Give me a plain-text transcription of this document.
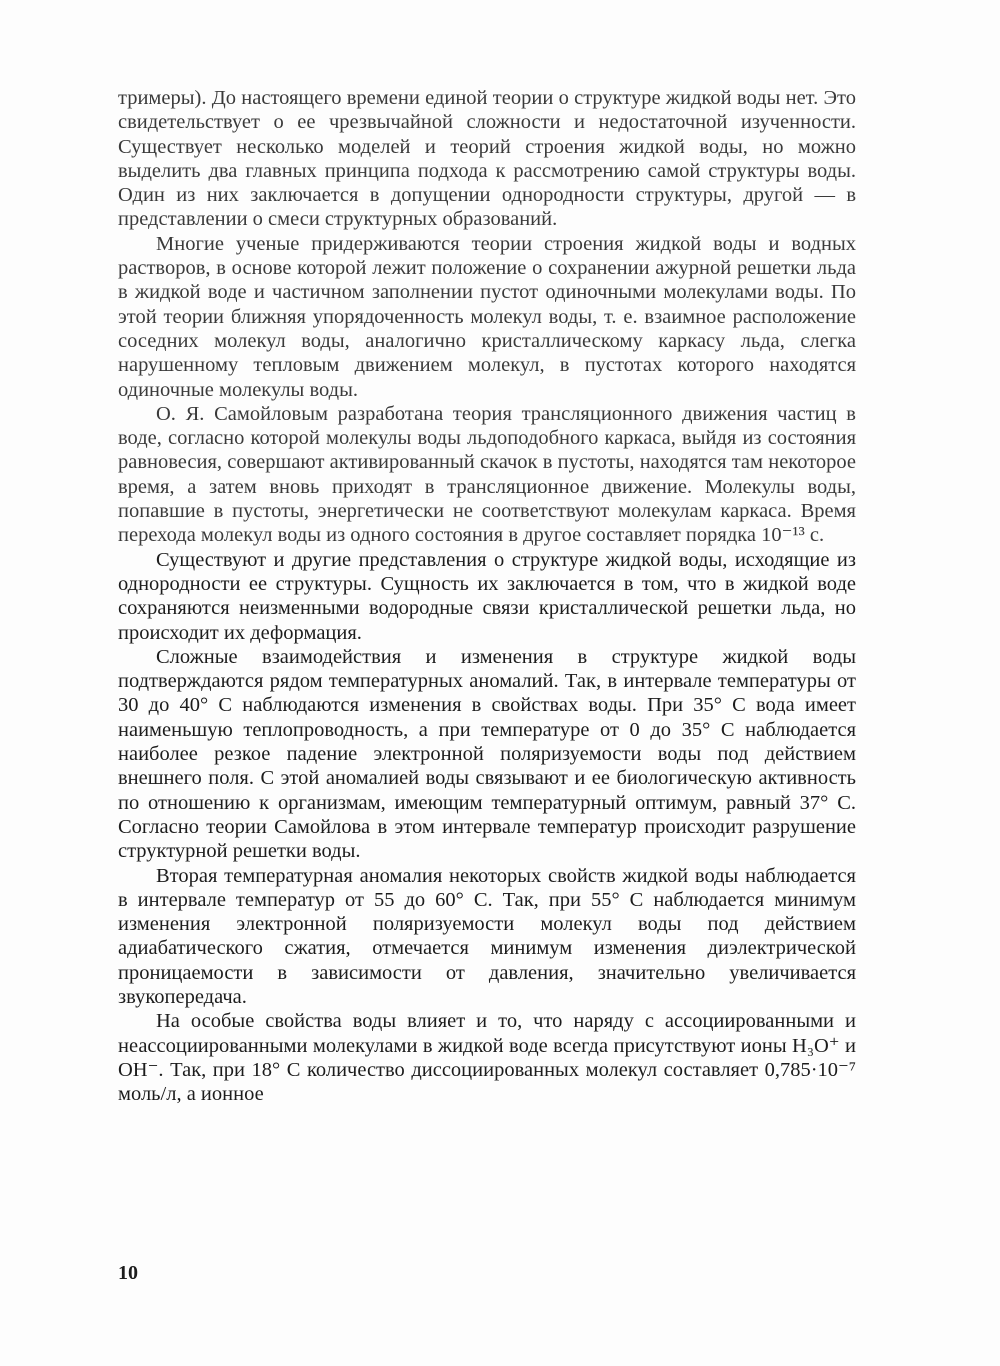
тримеры). До настоящего времени единой теории о структуре жидкой воды нет. Это свидетельствует о ее чрезвычайной сложности и недостаточной изученности. Существует несколько моделей и теорий строения жидкой воды, но можно выделить два главных принципа подхода к рассмотрению самой структуры воды. Один из них заключается в допущении однородности структуры, другой — в представлении о смеси структурных образований.

Многие ученые придерживаются теории строения жидкой воды и водных растворов, в основе которой лежит положение о сохранении ажурной решетки льда в жидкой воде и частичном заполнении пустот одиночными молекулами воды. По этой теории ближняя упорядоченность молекул воды, т. е. взаимное расположение соседних молекул воды, аналогично кристаллическому каркасу льда, слегка нарушенному тепловым движением молекул, в пустотах которого находятся одиночные молекулы воды.

О. Я. Самойловым разработана теория трансляционного движения частиц в воде, согласно которой молекулы воды льдоподобного каркаса, выйдя из состояния равновесия, совершают активированный скачок в пустоты, находятся там некоторое время, а затем вновь приходят в трансляционное движение. Молекулы воды, попавшие в пустоты, энергетически не соответствуют молекулам каркаса. Время перехода молекул воды из одного состояния в другое составляет порядка 10⁻¹³ с.

Существуют и другие представления о структуре жидкой воды, исходящие из однородности ее структуры. Сущность их заключается в том, что в жидкой воде сохраняются неизменными водородные связи кристаллической решетки льда, но происходит их деформация.

Сложные взаимодействия и изменения в структуре жидкой воды подтверждаются рядом температурных аномалий. Так, в интервале температуры от 30 до 40° С наблюдаются изменения в свойствах воды. При 35° С вода имеет наименьшую теплопроводность, а при температуре от 0 до 35° С наблюдается наиболее резкое падение электронной поляризуемости воды под действием внешнего поля. С этой аномалией воды связывают и ее биологическую активность по отношению к организмам, имеющим температурный оптимум, равный 37° С. Согласно теории Самойлова в этом интервале температур происходит разрушение структурной решетки воды.

Вторая температурная аномалия некоторых свойств жидкой воды наблюдается в интервале температур от 55 до 60° С. Так, при 55° С наблюдается минимум изменения электронной поляризуемости молекул воды под действием адиабатического сжатия, отмечается минимум изменения диэлектрической проницаемости в зависимости от давления, значительно увеличивается звукопередача.

На особые свойства воды влияет и то, что наряду с ассоциированными и неассоциированными молекулами в жидкой воде всегда присутствуют ионы H₃O⁺ и OH⁻. Так, при 18° С количество диссоциированных молекул составляет 0,785·10⁻⁷ моль/л, а ионное

10
